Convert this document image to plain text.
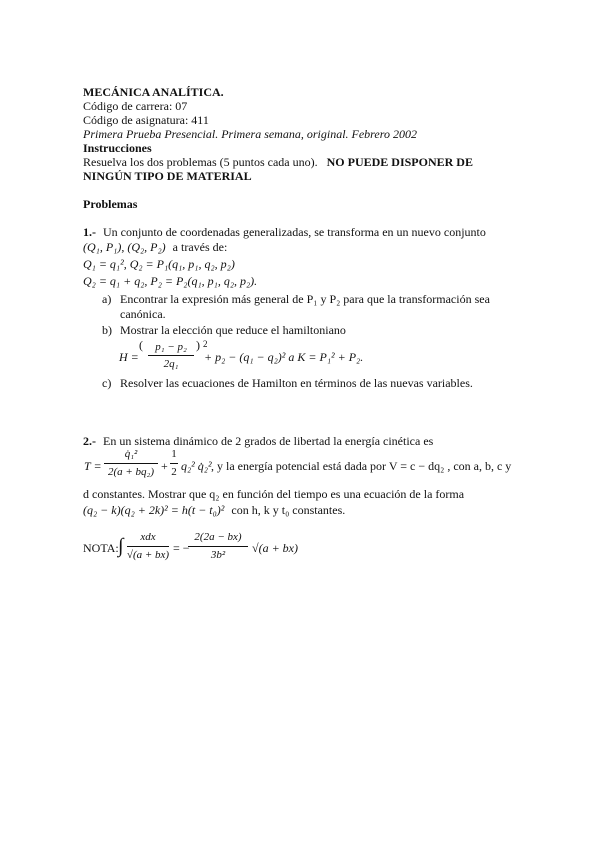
MECÁNICA ANALÍTICA.
Código de carrera: 07
Código de asignatura: 411
Primera Prueba Presencial. Primera semana, original. Febrero 2002
Instrucciones
Resuelva los dos problemas (5 puntos cada uno). NO PUEDE DISPONER DE
NINGÚN TIPO DE MATERIAL
Problemas
1.- Un conjunto de coordenadas generalizadas, se transforma en un nuevo conjunto
(Q₁, P₁), (Q₂, P₂) a través de:
Q₁ = q₁², Q₂ = P₁(q₁, p₁, q₂, p₂)
Q₂ = q₁ + q₂, P₂ = P₂(q₁, p₁, q₂, p₂).
a) Encontrar la expresión más general de P₁ y P₂ para que la transformación sea
canónica.
b) Mostrar la elección que reduce el hamiltoniano
H =
(	p₁ − p₂
2q₁
) 2
+ p₂ − (q₁ − q₂)² a K = P₁² + P₂.
c) Resolver las ecuaciones de Hamilton en términos de las nuevas variables.
2.- En un sistema dinámico de 2 grados de libertad la energía cinética es
T =
q̇₁²
2(a + bq₂) +
1
2 q₂² q̇₂² , y la energía potencial está dada por V = c − dq₂ , con a, b, c y
d constantes. Mostrar que q₂ en función del tiempo es una ecuación de la forma
(q₂ − k)(q₂ + 2k)² = h(t − t₀)² con h, k y t₀ constantes.
NOTA: ∫	xdx
√(a + bx) = −
2(2a − bx)
3b²	√(a + bx)
